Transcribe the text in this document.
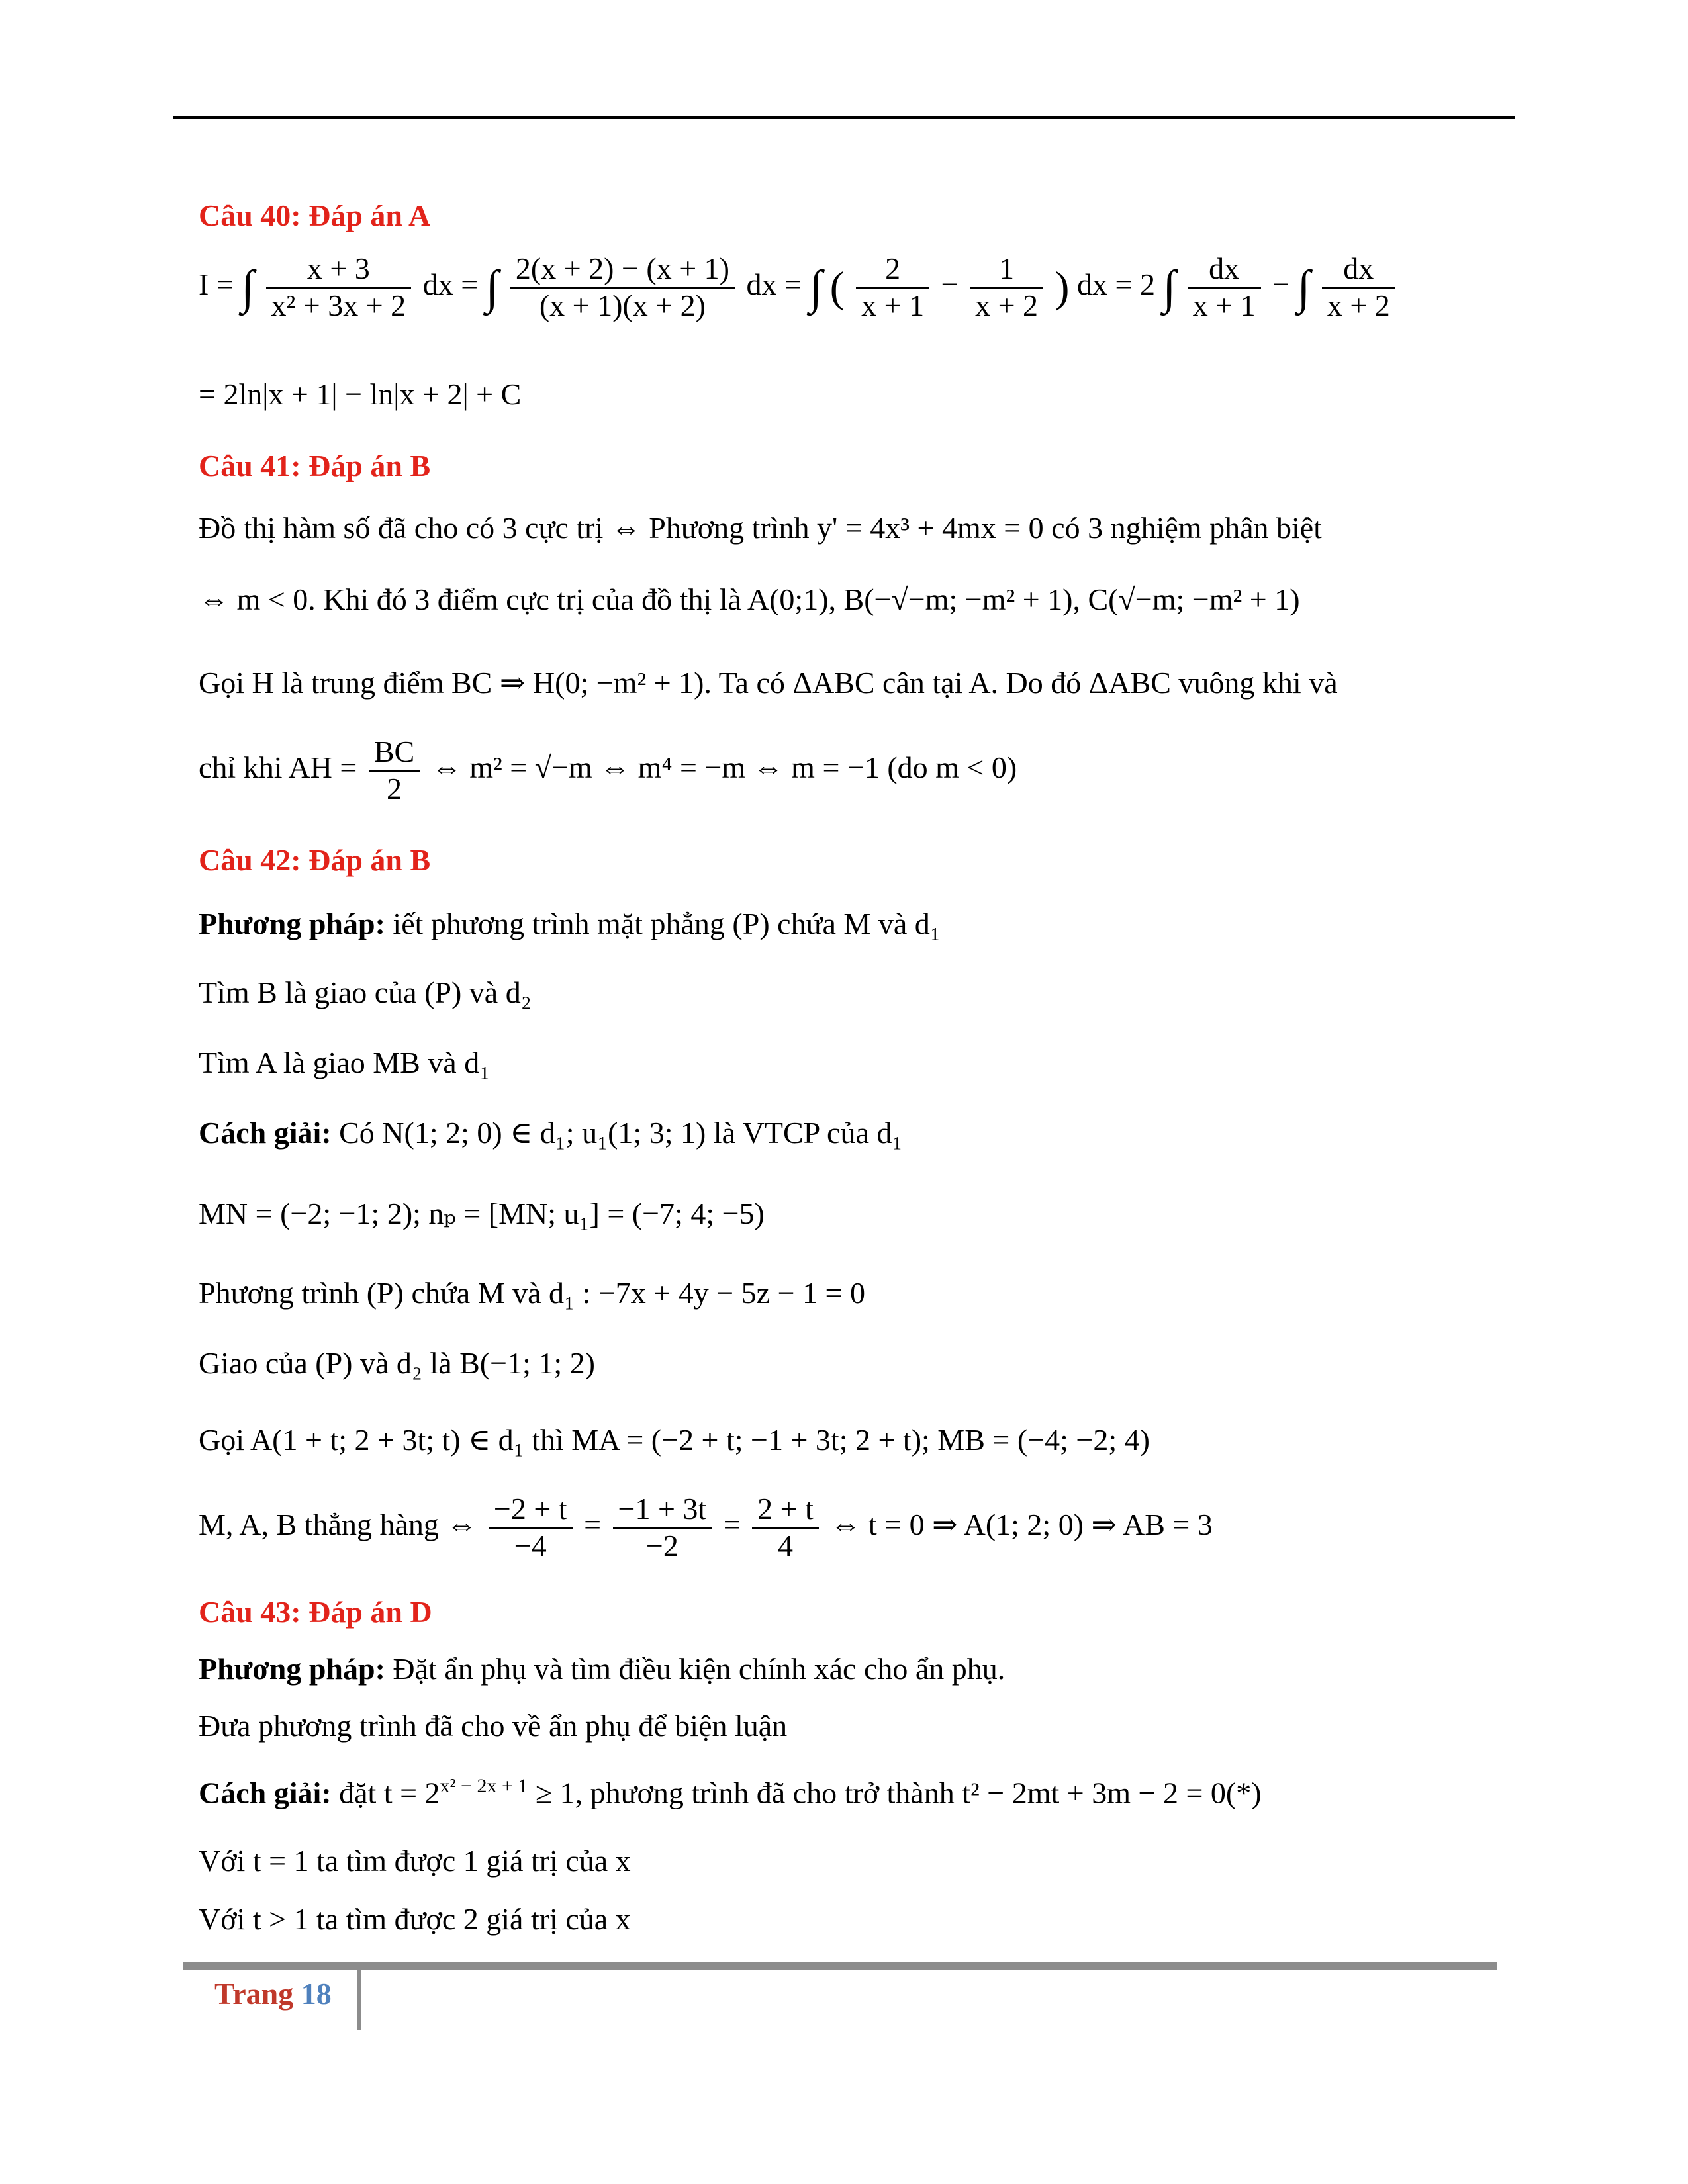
Câu 40: Đáp án A
I = ∫ $\frac{x + 3}{\text{x² + 3x + 2}}$ dx = ∫ $\frac{2(x + 2) - (x + 1)}{(x + 1)(x + 2)}$ dx = ∫ ( $\frac{2}{x + 1} - \frac{1}{x + 2}$ ) dx = 2 ∫ $\frac{dx}{x + 1}$ − ∫ $\frac{dx}{x + 2}$
= 2ln|x + 1| − ln|x + 2| + C
Câu 41: Đáp án B
Đồ thị hàm số đã cho có 3 cực trị ⇔ Phương trình y' = 4x³ + 4mx = 0 có 3 nghiệm phân biệt
⇔ m < 0. Khi đó 3 điểm cực trị của đồ thị là A(0;1), B(−√−m; −m² + 1), C(√−m; −m² + 1)
Gọi H là trung điểm BC ⇒ H(0; −m² + 1). Ta có ΔABC cân tại A. Do đó ΔABC vuông khi và
chỉ khi AH = $\frac{BC}{2}$ ⇔ m² = √−m ⇔ m⁴ = −m ⇔ m = −1 (do m < 0)
Câu 42: Đáp án B
Phương pháp: iết phương trình mặt phẳng (P) chứa M và d₁
Tìm B là giao của (P) và d₂
Tìm A là giao MB và d₁
Cách giải: Có N(1; 2; 0) ∈ d₁; u₁(1; 3; 1) là VTCP của d₁
MN = (−2; −1; 2); nₚ = [MN; u₁] = (−7; 4; −5)
Phương trình (P) chứa M và d₁ : −7x + 4y − 5z − 1 = 0
Giao của (P) và d₂ là B(−1; 1; 2)
Gọi A(1 + t; 2 + 3t; t) ∈ d₁ thì MA = (−2 + t; −1 + 3t; 2 + t); MB = (−4; −2; 4)
M, A, B thẳng hàng ⇔ $\frac{-2 + t}{-4} = \frac{-1 + 3t}{-2} = \frac{2 + t}{4}$ ⇔ t = 0 ⇒ A(1; 2; 0) ⇒ AB = 3
Câu 43: Đáp án D
Phương pháp: Đặt ẩn phụ và tìm điều kiện chính xác cho ẩn phụ.
Đưa phương trình đã cho về ẩn phụ để biện luận
Cách giải: đặt $t = 2^{x^2 - 2x + 1} \ge 1$, phương trình đã cho trở thành t² − 2mt + 3m − 2 = 0(*)
Với t = 1 ta tìm được 1 giá trị của x
Với t > 1 ta tìm được 2 giá trị của x
Trang 18
